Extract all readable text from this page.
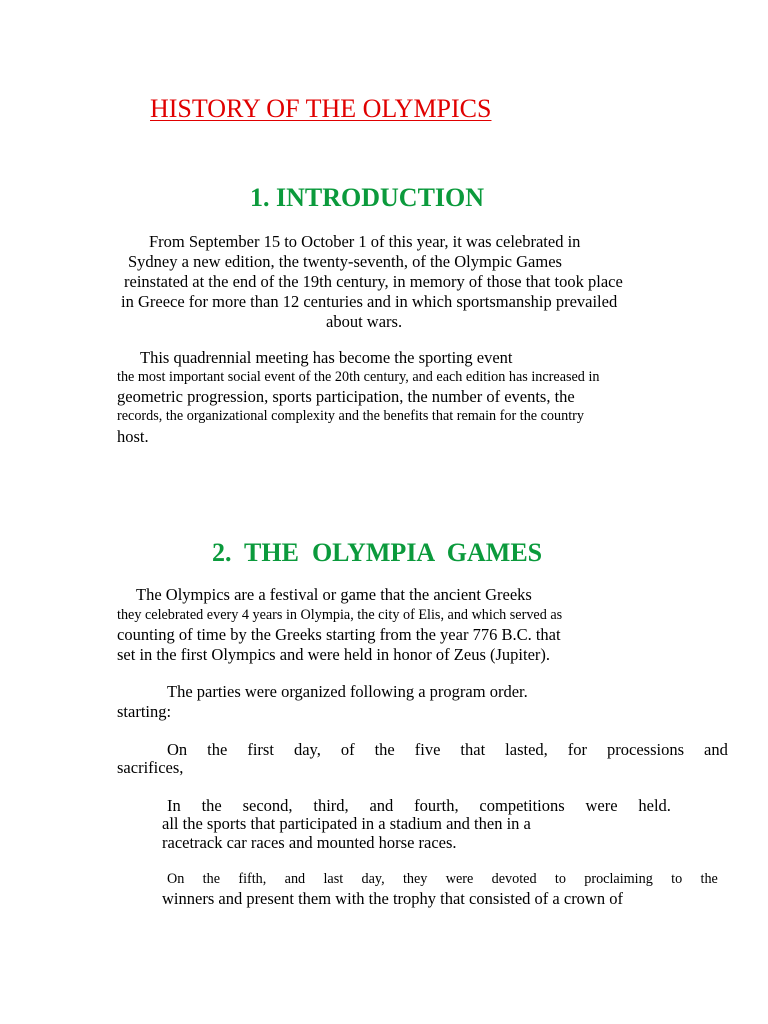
HISTORY OF THE OLYMPICS
1. INTRODUCTION
From September 15 to October 1 of this year, it was celebrated in
Sydney a new edition, the twenty-seventh, of the Olympic Games
reinstated at the end of the 19th century, in memory of those that took place
in Greece for more than 12 centuries and in which sportsmanship prevailed
about wars.
This quadrennial meeting has become the sporting event
the most important social event of the 20th century, and each edition has increased in
geometric progression, sports participation, the number of events, the
records, the organizational complexity and the benefits that remain for the country
host.
2.  THE  OLYMPIA  GAMES
The Olympics are a festival or game that the ancient Greeks
they celebrated every 4 years in Olympia, the city of Elis, and which served as
counting of time by the Greeks starting from the year 776 B.C. that
set in the first Olympics and were held in honor of Zeus (Jupiter).
The parties were organized following a program order.
starting:
On the first day, of the five that lasted, for processions and
sacrifices,
In the second, third, and fourth, competitions were held.
all the sports that participated in a stadium and then in a
racetrack car races and mounted horse races.
On the fifth, and last day, they were devoted to proclaiming to the
winners and present them with the trophy that consisted of a crown of
